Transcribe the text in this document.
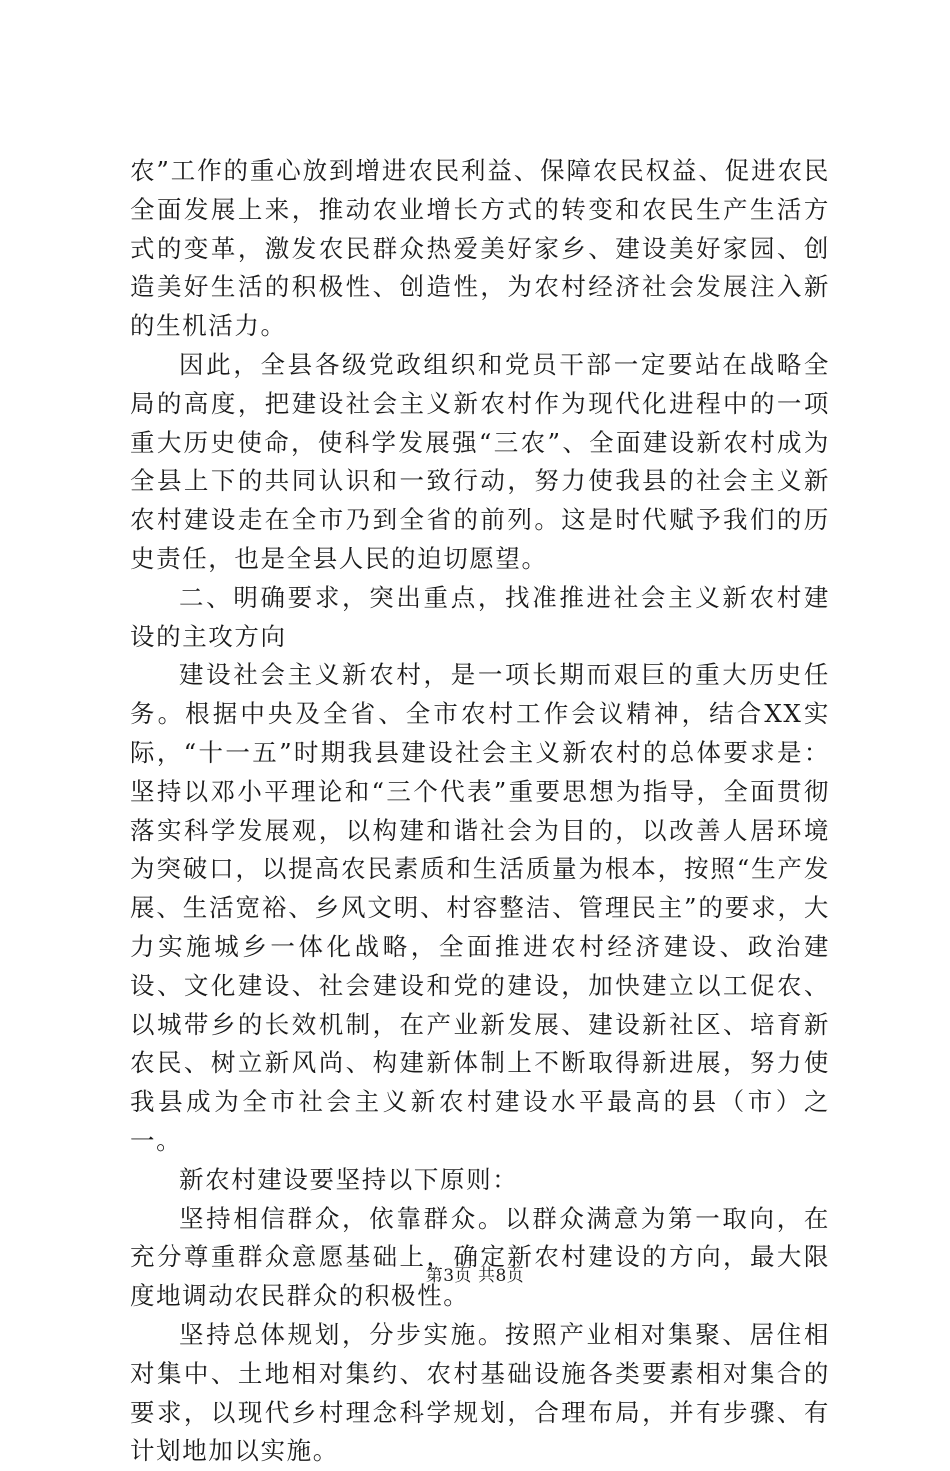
农”工作的重心放到增进农民利益、保障农民权益、促进农民全面发展上来，推动农业增长方式的转变和农民生产生活方式的变革，激发农民群众热爱美好家乡、建设美好家园、创造美好生活的积极性、创造性，为农村经济社会发展注入新的生机活力。

因此，全县各级党政组织和党员干部一定要站在战略全局的高度，把建设社会主义新农村作为现代化进程中的一项重大历史使命，使科学发展强“三农”、全面建设新农村成为全县上下的共同认识和一致行动，努力使我县的社会主义新农村建设走在全市乃到全省的前列。这是时代赋予我们的历史责任，也是全县人民的迫切愿望。

二、明确要求，突出重点，找准推进社会主义新农村建设的主攻方向

建设社会主义新农村，是一项长期而艰巨的重大历史任务。根据中央及全省、全市农村工作会议精神，结合XX实际，“十一五”时期我县建设社会主义新农村的总体要求是：坚持以邓小平理论和“三个代表”重要思想为指导，全面贯彻落实科学发展观，以构建和谐社会为目的，以改善人居环境为突破口，以提高农民素质和生活质量为根本，按照“生产发展、生活宽裕、乡风文明、村容整洁、管理民主”的要求，大力实施城乡一体化战略，全面推进农村经济建设、政治建设、文化建设、社会建设和党的建设，加快建立以工促农、以城带乡的长效机制，在产业新发展、建设新社区、培育新农民、树立新风尚、构建新体制上不断取得新进展，努力使我县成为全市社会主义新农村建设水平最高的县（市）之一。

新农村建设要坚持以下原则：

坚持相信群众，依靠群众。以群众满意为第一取向，在充分尊重群众意愿基础上，确定新农村建设的方向，最大限度地调动农民群众的积极性。

坚持总体规划，分步实施。按照产业相对集聚、居住相对集中、土地相对集约、农村基础设施各类要素相对集合的要求，以现代乡村理念科学规划，合理布局，并有步骤、有计划地加以实施。

第3页 共8页
